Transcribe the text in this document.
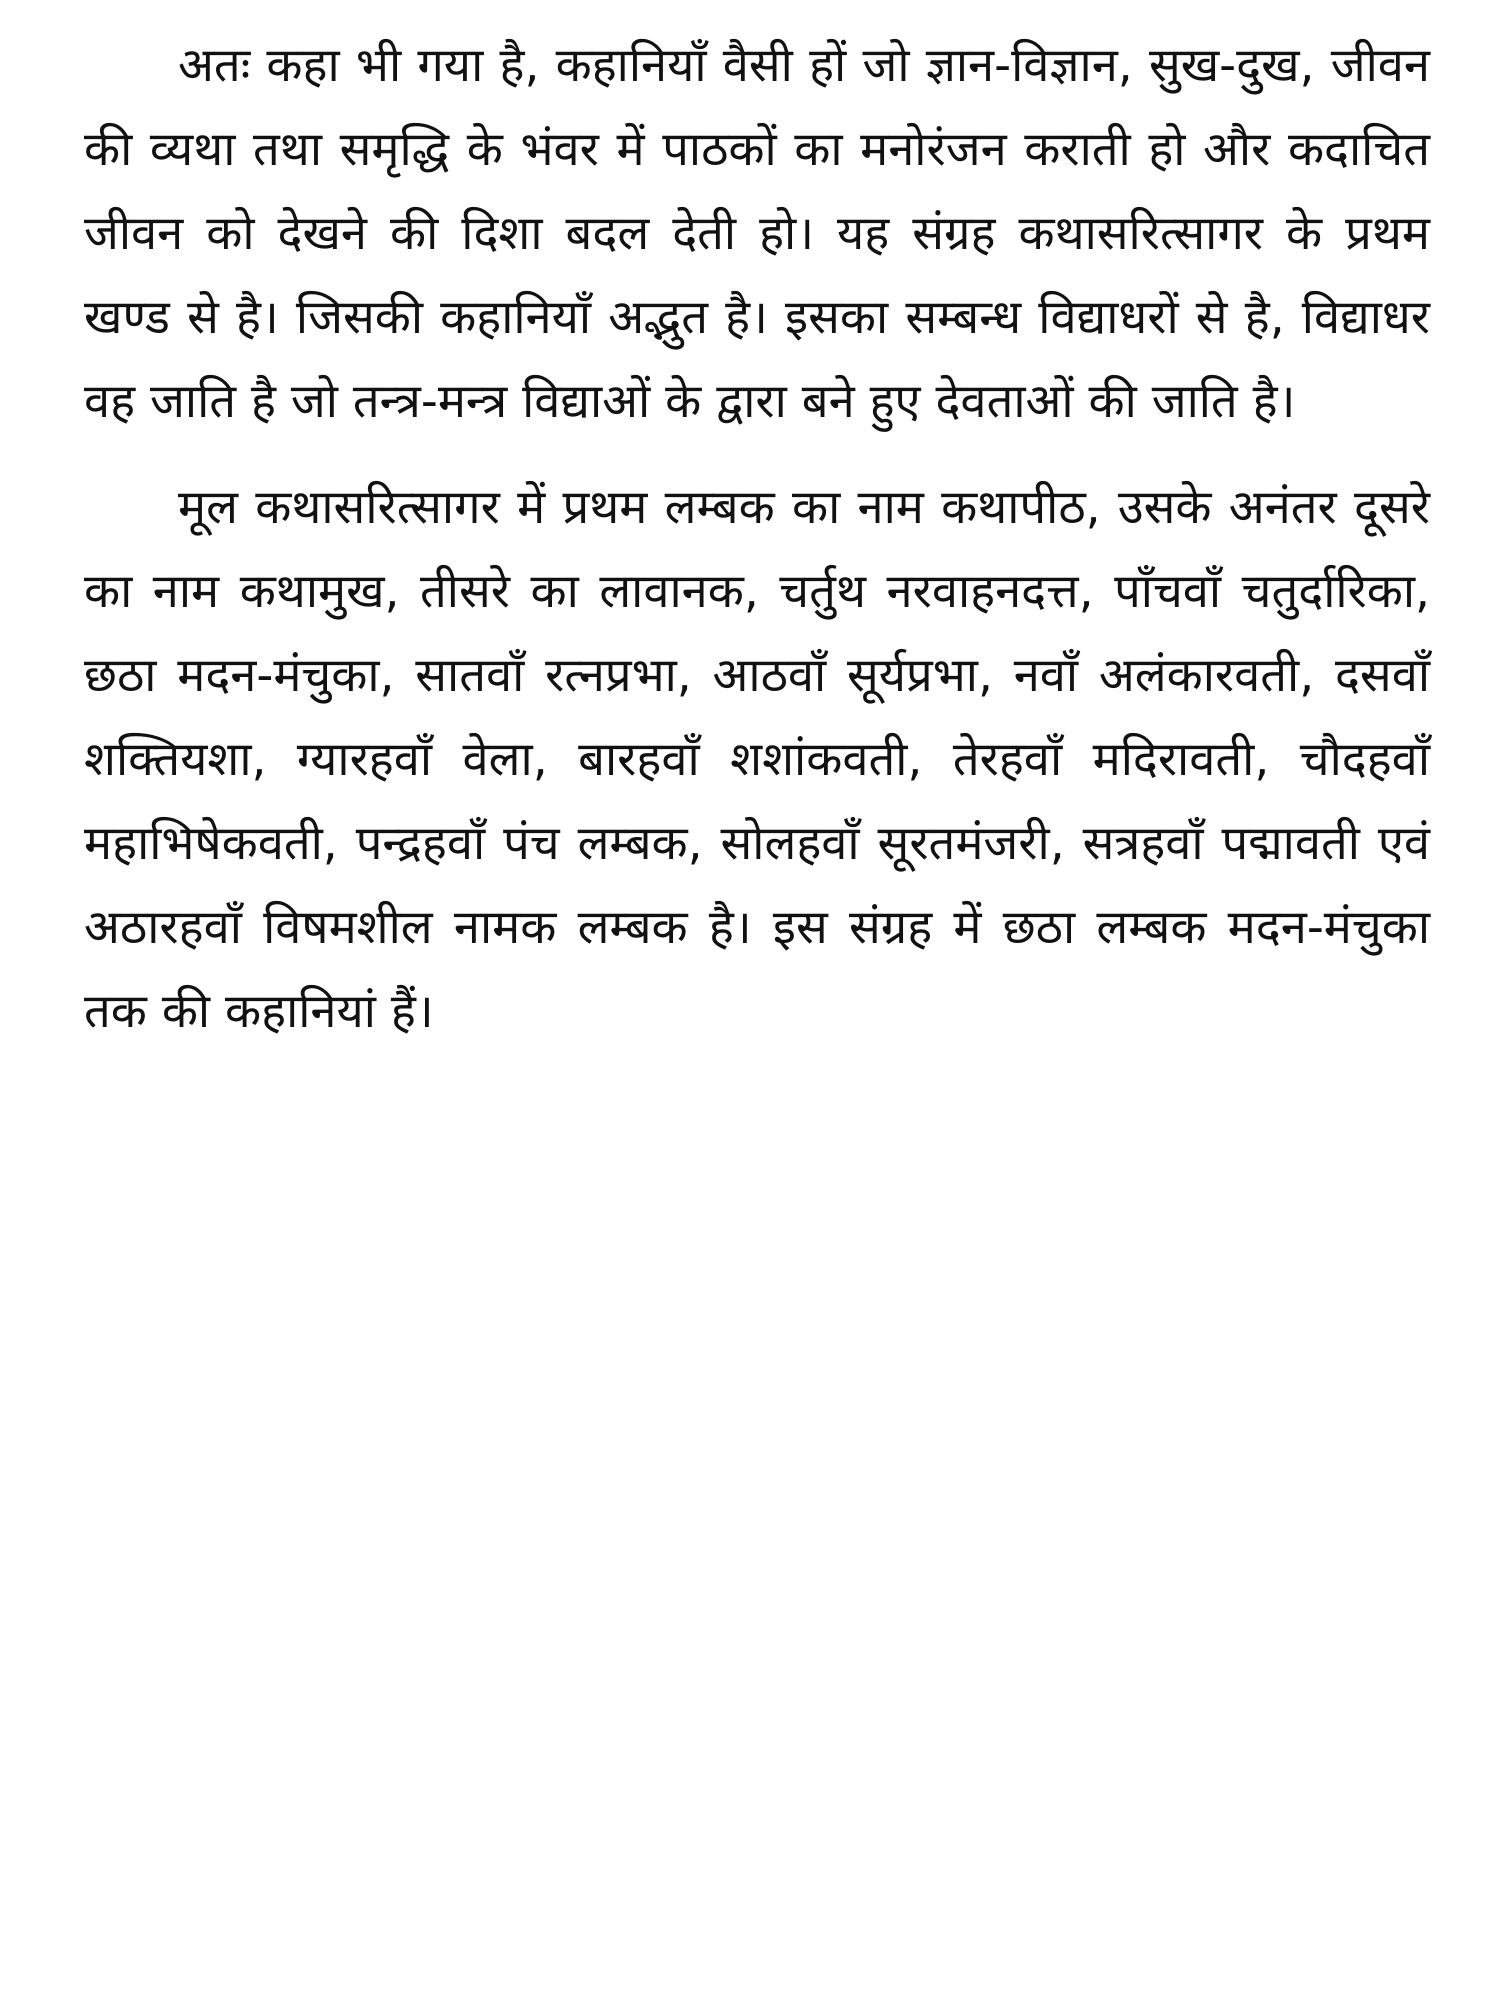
अतः कहा भी गया है, कहानियाँ वैसी हों जो ज्ञान-विज्ञान, सुख-दुख, जीवन की व्यथा तथा समृद्धि के भंवर में पाठकों का मनोरंजन कराती हो और कदाचित जीवन को देखने की दिशा बदल देती हो। यह संग्रह कथासरित्सागर के प्रथम खण्ड से है। जिसकी कहानियाँ अद्भुत है। इसका सम्बन्ध विद्याधरों से है, विद्याधर वह जाति है जो तन्त्र-मन्त्र विद्याओं के द्वारा बने हुए देवताओं की जाति है।

मूल कथासरित्सागर में प्रथम लम्बक का नाम कथापीठ, उसके अनंतर दूसरे का नाम कथामुख, तीसरे का लावानक, चर्तुथ नरवाहनदत्त, पाँचवाँ चतुर्दारिका, छठा मदन-मंचुका, सातवाँ रत्नप्रभा, आठवाँ सूर्यप्रभा, नवाँ अलंकारवती, दसवाँ शक्तियशा, ग्यारहवाँ वेला, बारहवाँ शशांकवती, तेरहवाँ मदिरावती, चौदहवाँ महाभिषेकवती, पन्द्रहवाँ पंच लम्बक, सोलहवाँ सूरतमंजरी, सत्रहवाँ पद्मावती एवं अठारहवाँ विषमशील नामक लम्बक है। इस संग्रह में छठा लम्बक मदन-मंचुका तक की कहानियां हैं।
